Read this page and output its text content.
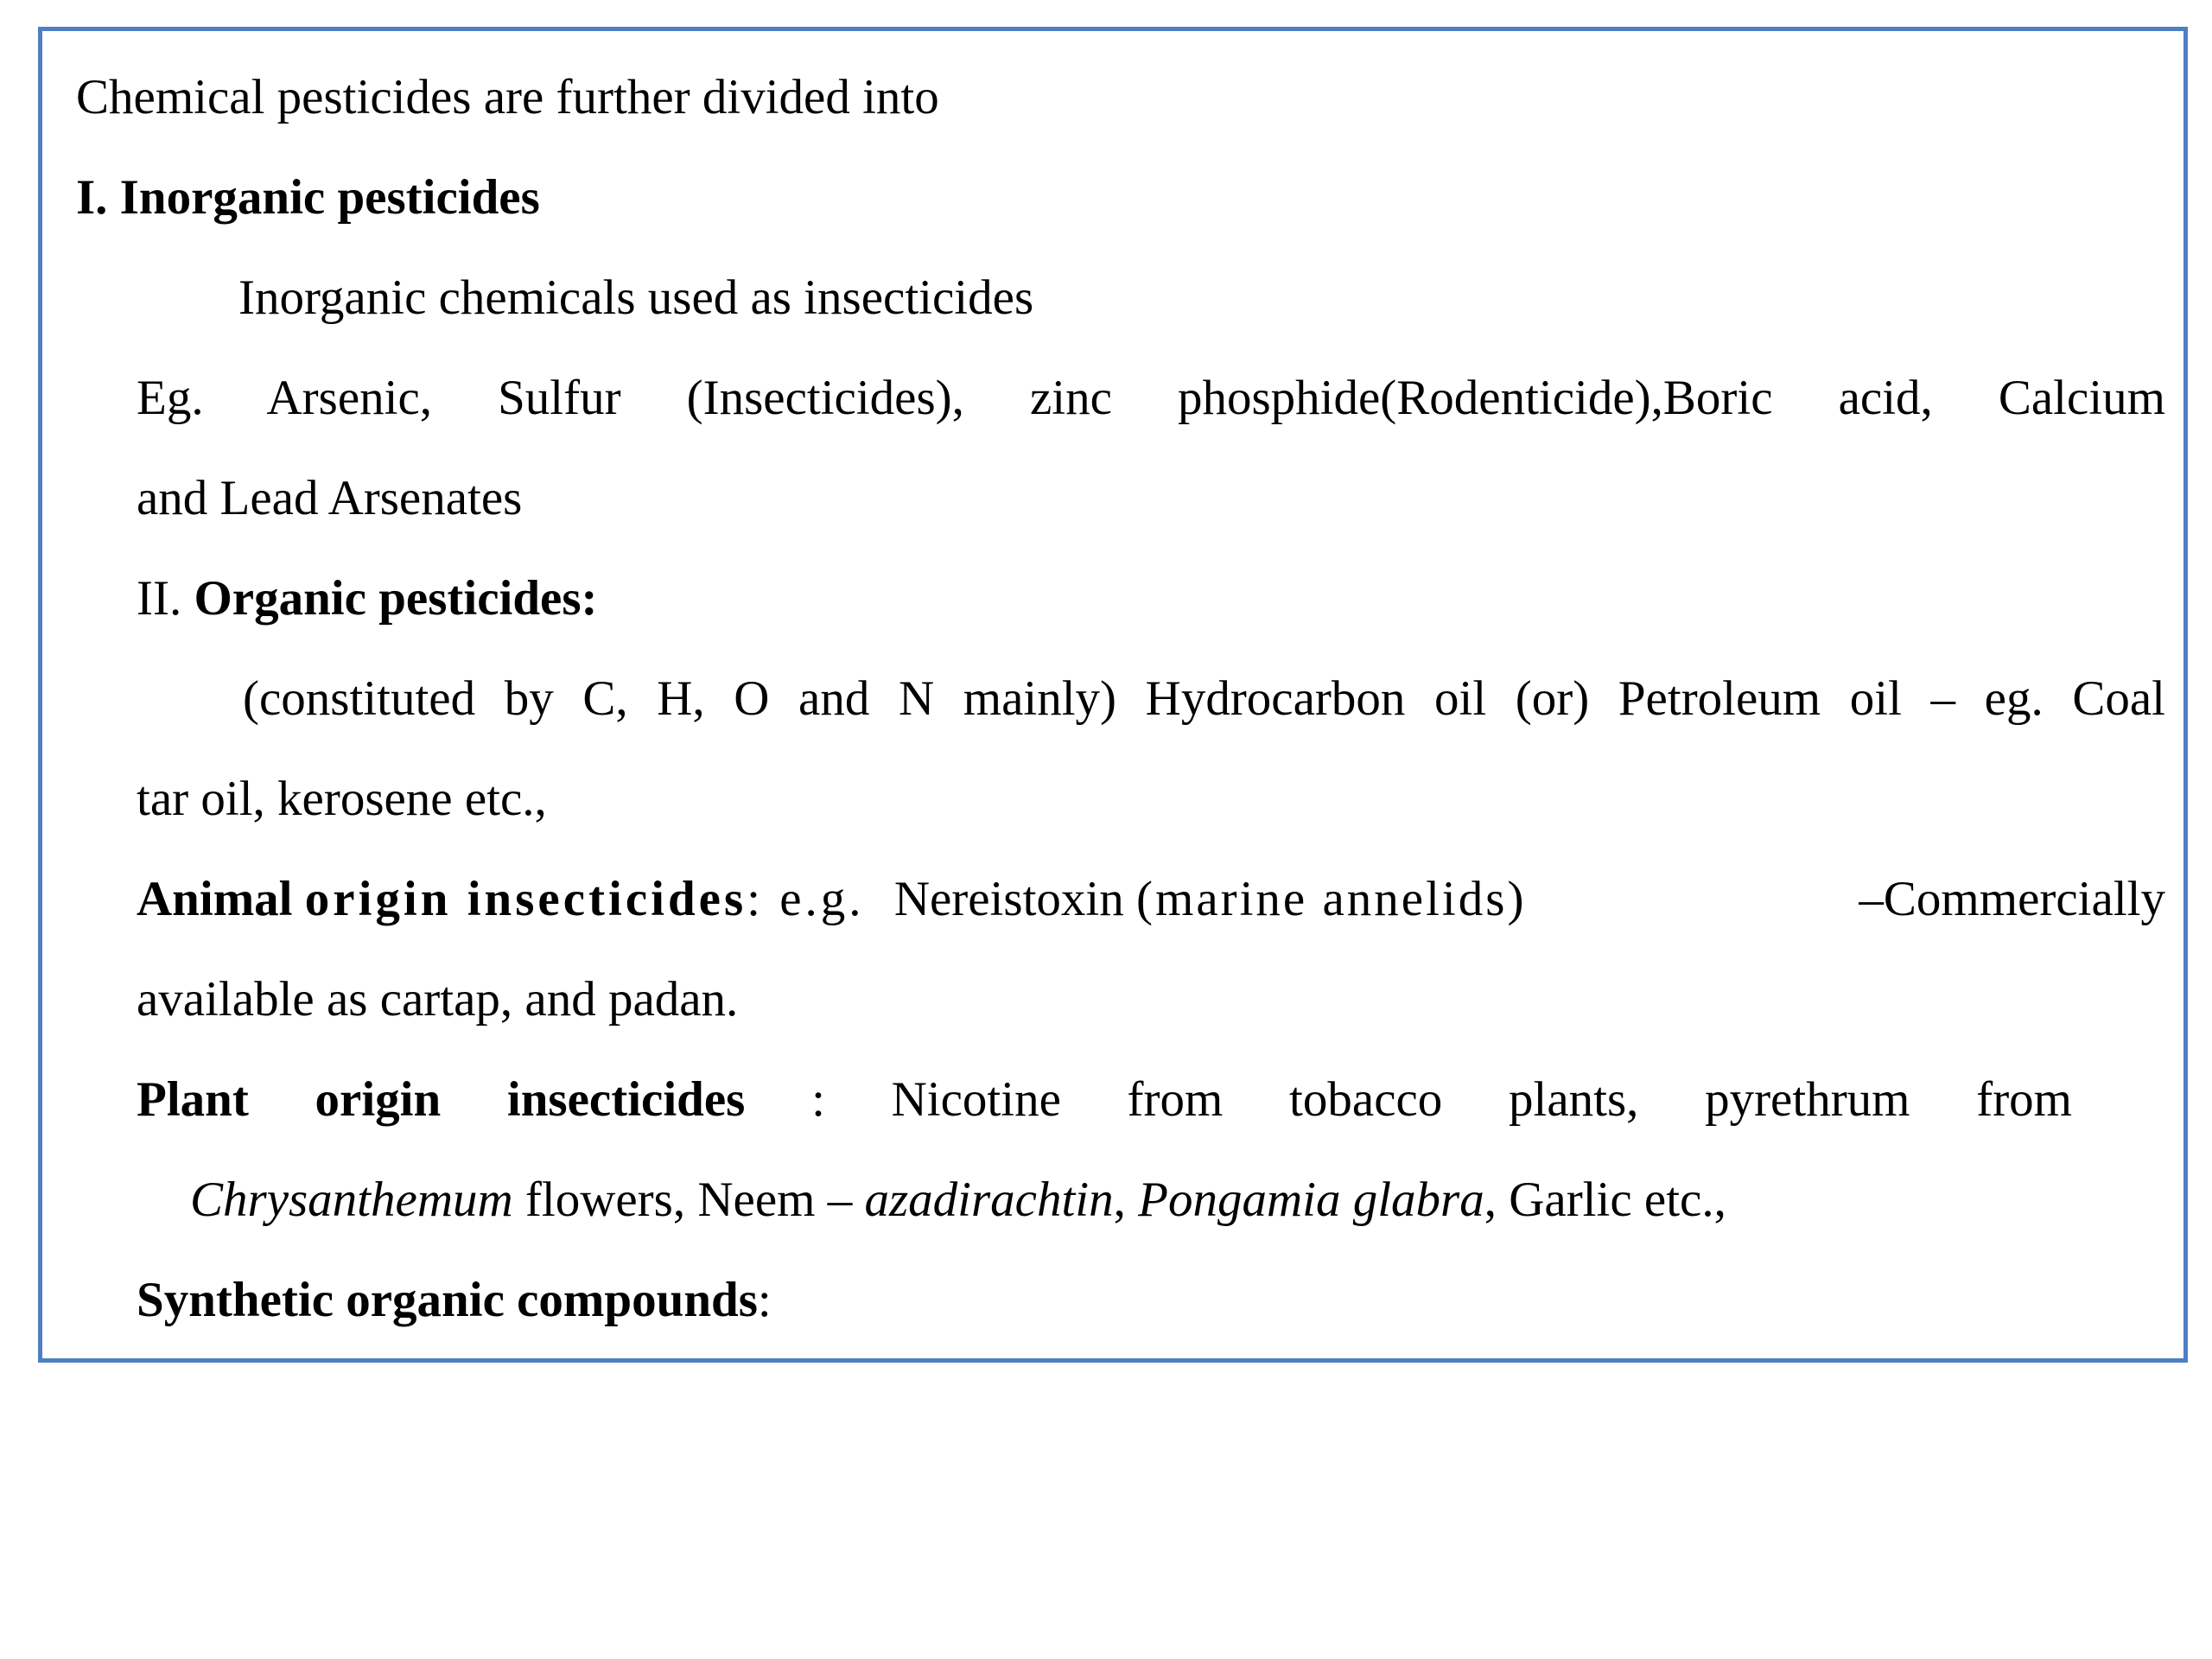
Chemical pesticides are further divided into
I. Inorganic pesticides
Inorganic chemicals used as insecticides
Eg. Arsenic, Sulfur (Insecticides), zinc phosphide(Rodenticide),Boric acid, Calcium
and Lead Arsenates
II. Organic pesticides:
(constituted by C, H, O and N mainly) Hydrocarbon oil (or) Petroleum oil – eg. Coal
tar oil, kerosene etc.,
Animal origin insecticides: e.g. Nereistoxin (marine annelids)	–Commercially
available as cartap, and padan.
Plant origin insecticides : Nicotine from tobacco plants, pyrethrum from
Chrysanthemum flowers, Neem – azadirachtin, Pongamia glabra, Garlic etc.,
Synthetic organic compounds:
